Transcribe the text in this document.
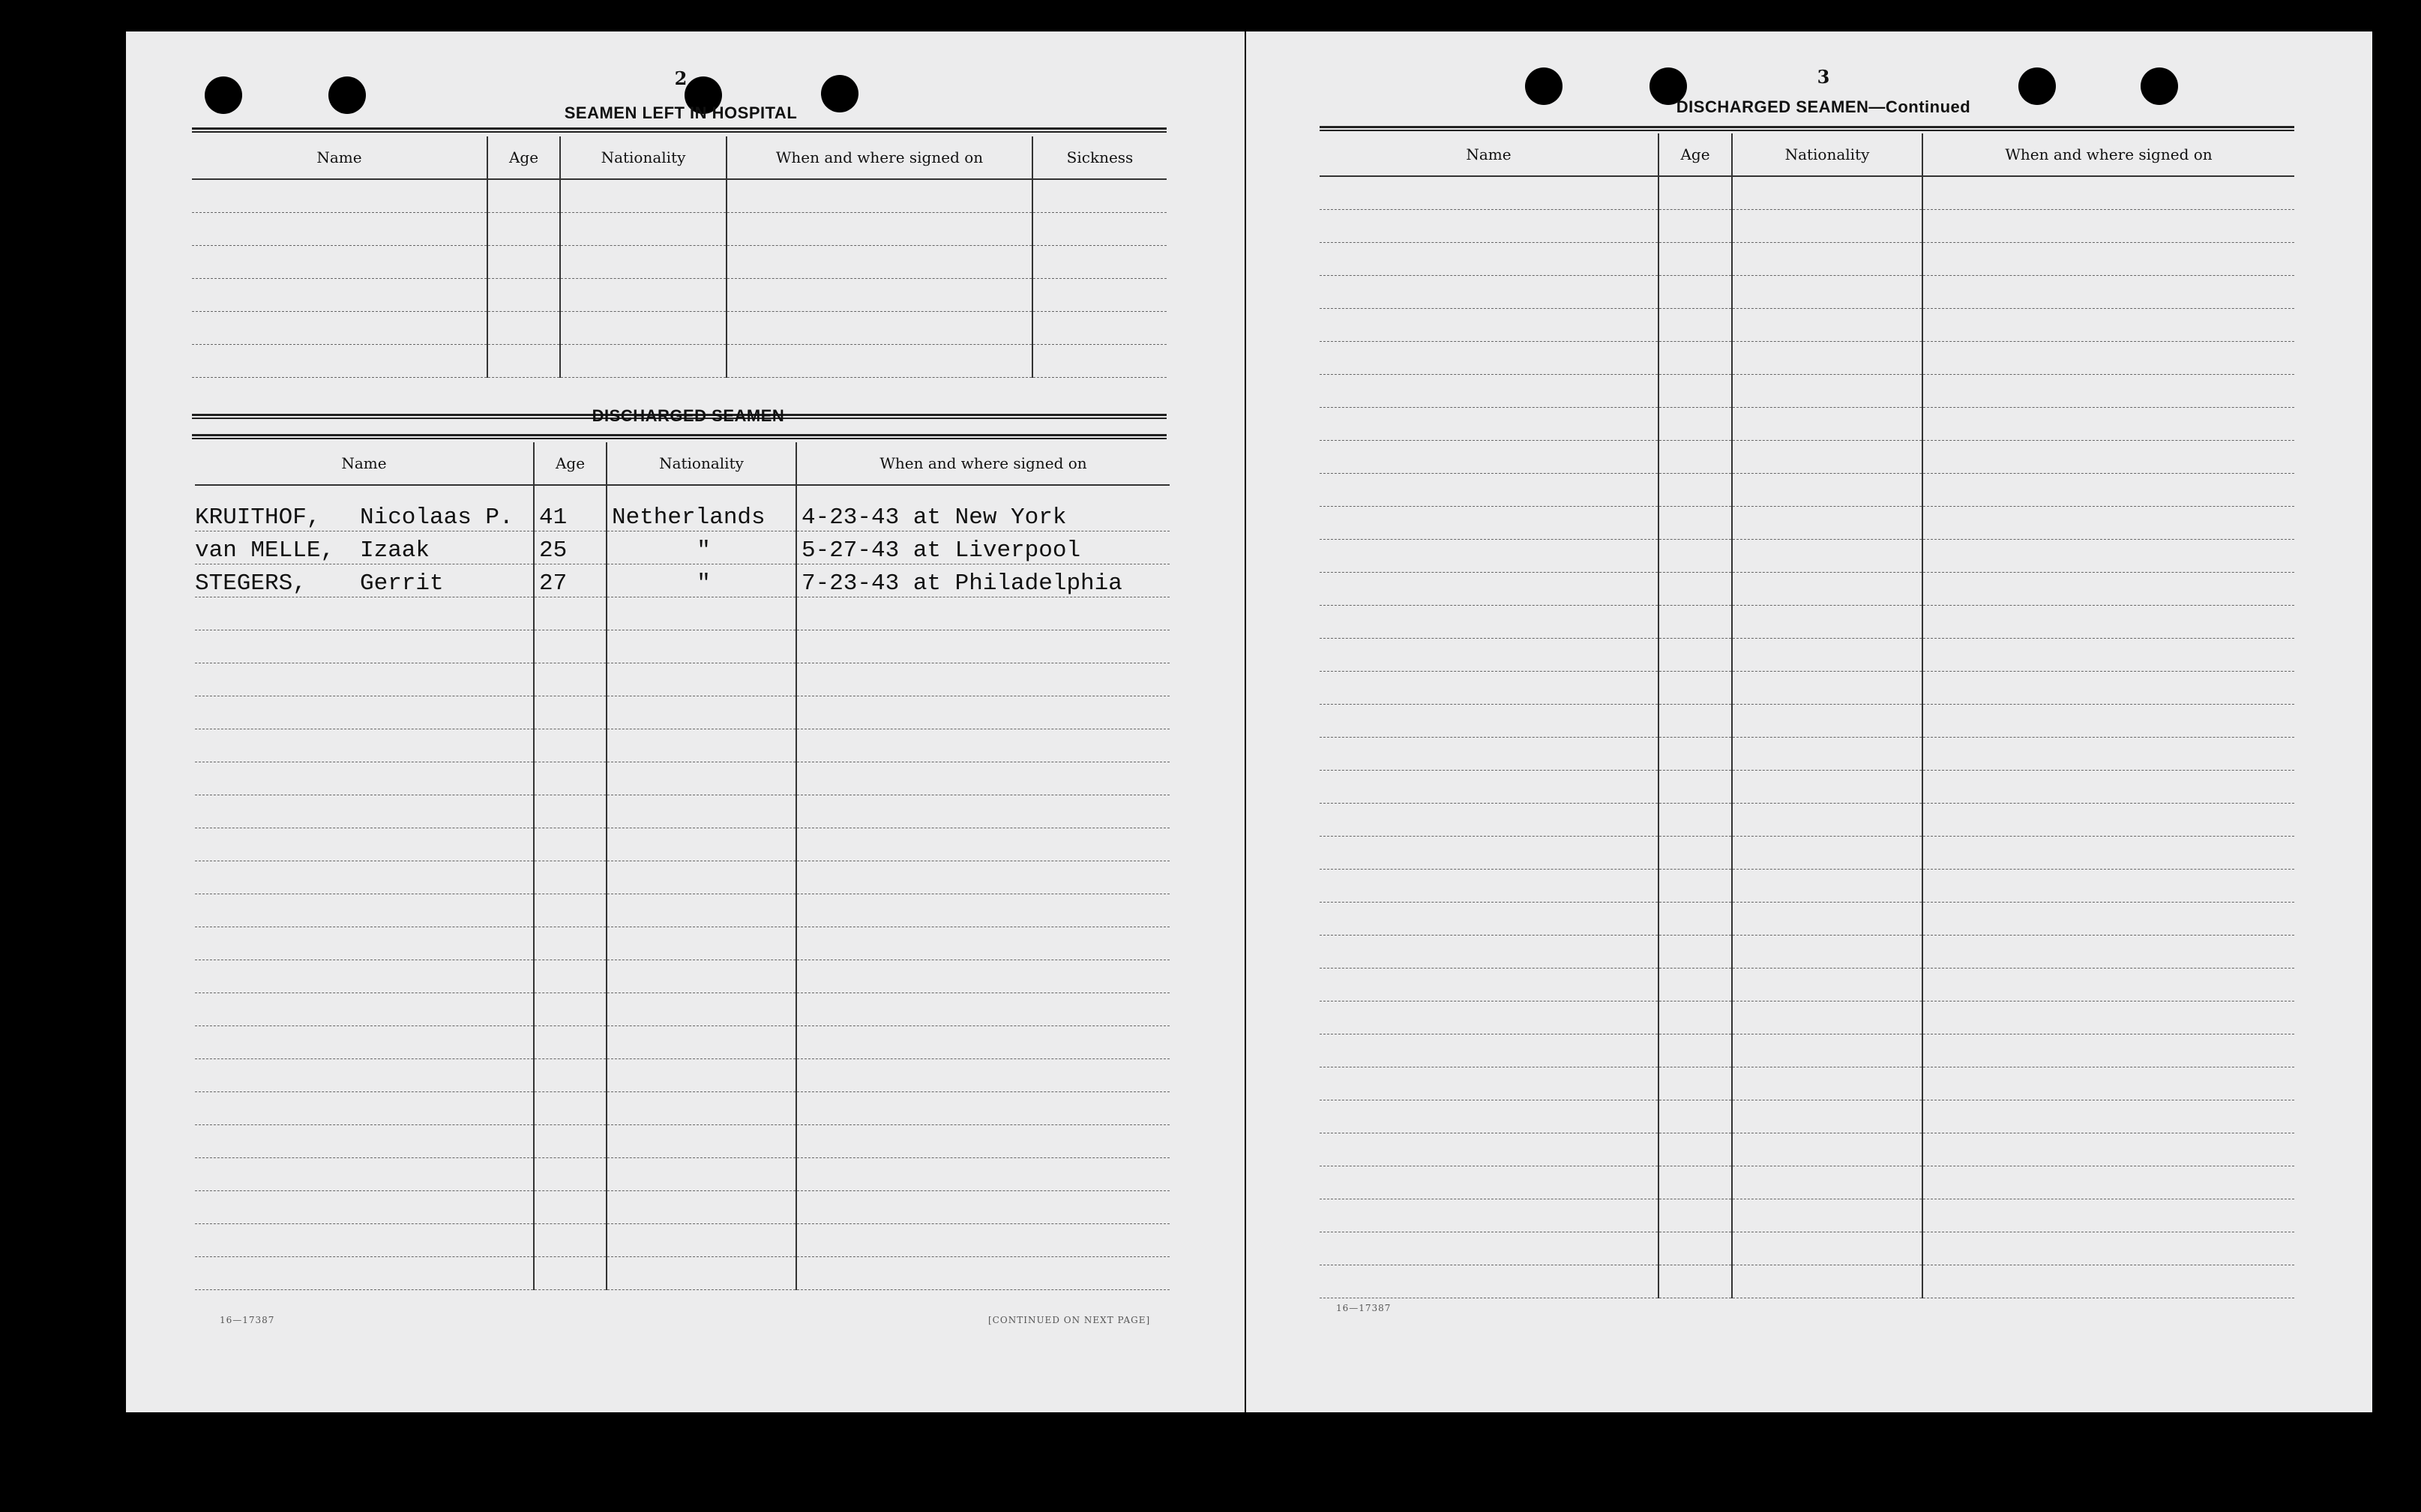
2
SEAMEN LEFT IN HOSPITAL
Name	Age	Nationality	When and where signed on	Sickness

DISCHARGED SEAMEN
Name	Age	Nationality	When and where signed on
KRUITHOF, Nicolaas P.	41	Netherlands	4-23-43 at New York
van MELLE, Izaak	25	"	5-27-43 at Liverpool
STEGERS, Gerrit	27	"	7-23-43 at Philadelphia

16—17387	[CONTINUED ON NEXT PAGE]
3
DISCHARGED SEAMEN—Continued
Name	Age	Nationality	When and where signed on

16—17387
